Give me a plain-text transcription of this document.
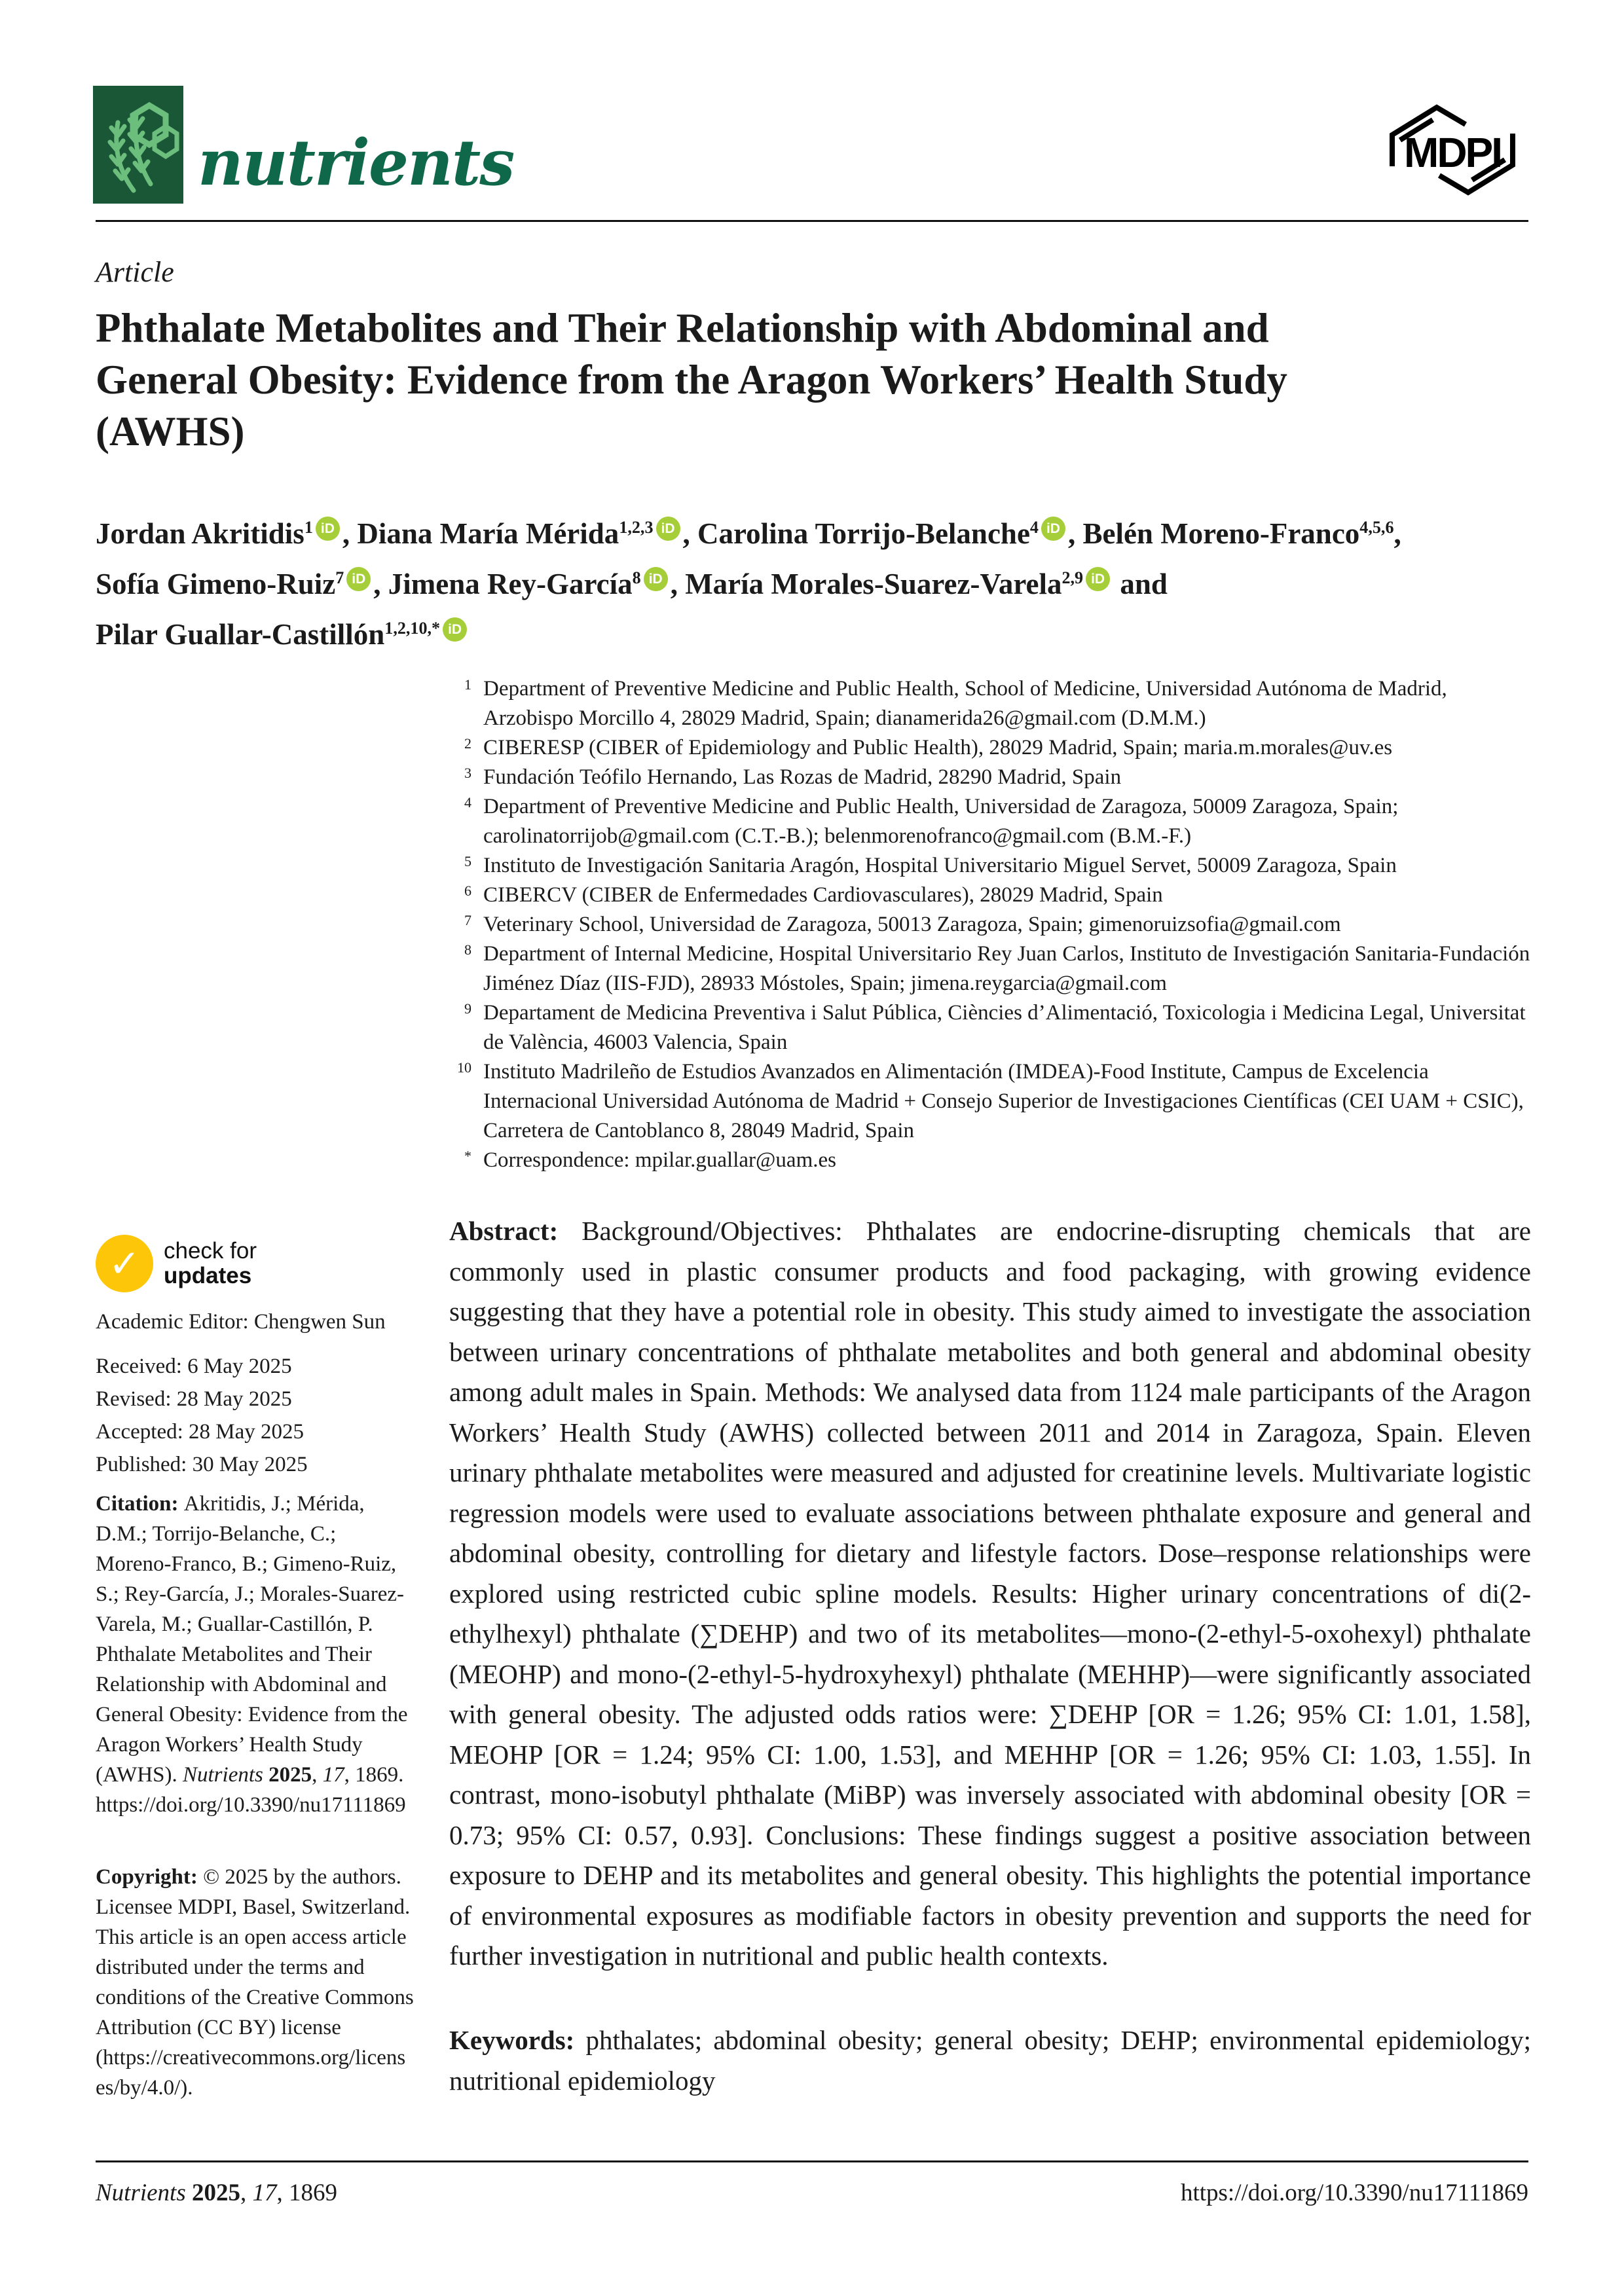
nutrients	MDPI
Article
Phthalate Metabolites and Their Relationship with Abdominal and General Obesity: Evidence from the Aragon Workers’ Health Study (AWHS)
Jordan Akritidis$^1$ iD , Diana María Mérida$^{1,2,3}$ iD , Carolina Torrijo-Belanche$^4$ iD , Belén Moreno-Franco$^{4,5,6}$,
Sofía Gimeno-Ruiz$^7$ iD , Jimena Rey-García$^8$ iD , María Morales-Suarez-Varela$^{2,9}$ iD and
Pilar Guallar-Castillón$^{1,2,10,*}$ iD
1 Department of Preventive Medicine and Public Health, School of Medicine, Universidad Autónoma de Madrid, Arzobispo Morcillo 4, 28029 Madrid, Spain; dianamerida26@gmail.com (D.M.M.)
2 CIBERESP (CIBER of Epidemiology and Public Health), 28029 Madrid, Spain; maria.m.morales@uv.es
3 Fundación Teófilo Hernando, Las Rozas de Madrid, 28290 Madrid, Spain
4 Department of Preventive Medicine and Public Health, Universidad de Zaragoza, 50009 Zaragoza, Spain; carolinatorrijob@gmail.com (C.T.-B.); belenmorenofranco@gmail.com (B.M.-F.)
5 Instituto de Investigación Sanitaria Aragón, Hospital Universitario Miguel Servet, 50009 Zaragoza, Spain
6 CIBERCV (CIBER de Enfermedades Cardiovasculares), 28029 Madrid, Spain
7 Veterinary School, Universidad de Zaragoza, 50013 Zaragoza, Spain; gimenoruizsofia@gmail.com
8 Department of Internal Medicine, Hospital Universitario Rey Juan Carlos, Instituto de Investigación Sanitaria-Fundación Jiménez Díaz (IIS-FJD), 28933 Móstoles, Spain; jimena.reygarcia@gmail.com
9 Departament de Medicina Preventiva i Salut Pública, Ciències d’Alimentació, Toxicologia i Medicina Legal, Universitat de València, 46003 Valencia, Spain
10 Instituto Madrileño de Estudios Avanzados en Alimentación (IMDEA)-Food Institute, Campus de Excelencia Internacional Universidad Autónoma de Madrid + Consejo Superior de Investigaciones Científicas (CEI UAM + CSIC), Carretera de Cantoblanco 8, 28049 Madrid, Spain
* Correspondence: mpilar.guallar@uam.es
✓	check for
updates
Academic Editor: Chengwen Sun
Received: 6 May 2025
Revised: 28 May 2025
Accepted: 28 May 2025
Published: 30 May 2025
Citation: Akritidis, J.; Mérida, D.M.; Torrijo-Belanche, C.; Moreno-Franco, B.; Gimeno-Ruiz, S.; Rey-García, J.; Morales-Suarez-Varela, M.; Guallar-Castillón, P. Phthalate Metabolites and Their Relationship with Abdominal and General Obesity: Evidence from the Aragon Workers’ Health Study (AWHS). Nutrients 2025, 17, 1869. https://doi.org/10.3390/nu17111869
Copyright: © 2025 by the authors. Licensee MDPI, Basel, Switzerland. This article is an open access article distributed under the terms and conditions of the Creative Commons Attribution (CC BY) license (https://creativecommons.org/licenses/by/4.0/).
Abstract: Background/Objectives: Phthalates are endocrine-disrupting chemicals that are commonly used in plastic consumer products and food packaging, with growing evidence suggesting that they have a potential role in obesity. This study aimed to investigate the association between urinary concentrations of phthalate metabolites and both general and abdominal obesity among adult males in Spain. Methods: We analysed data from 1124 male participants of the Aragon Workers’ Health Study (AWHS) collected between 2011 and 2014 in Zaragoza, Spain. Eleven urinary phthalate metabolites were measured and adjusted for creatinine levels. Multivariate logistic regression models were used to evaluate associations between phthalate exposure and general and abdominal obesity, controlling for dietary and lifestyle factors. Dose–response relationships were explored using restricted cubic spline models. Results: Higher urinary concentrations of di(2-ethylhexyl) phthalate (∑DEHP) and two of its metabolites—mono-(2-ethyl-5-oxohexyl) phthalate (MEOHP) and mono-(2-ethyl-5-hydroxyhexyl) phthalate (MEHHP)—were significantly associated with general obesity. The adjusted odds ratios were: ∑DEHP [OR = 1.26; 95% CI: 1.01, 1.58], MEOHP [OR = 1.24; 95% CI: 1.00, 1.53], and MEHHP [OR = 1.26; 95% CI: 1.03, 1.55]. In contrast, mono-isobutyl phthalate (MiBP) was inversely associated with abdominal obesity [OR = 0.73; 95% CI: 0.57, 0.93]. Conclusions: These findings suggest a positive association between exposure to DEHP and its metabolites and general obesity. This highlights the potential importance of environmental exposures as modifiable factors in obesity prevention and supports the need for further investigation in nutritional and public health contexts.
Keywords: phthalates; abdominal obesity; general obesity; DEHP; environmental epidemiology; nutritional epidemiology
Nutrients 2025, 17, 1869	https://doi.org/10.3390/nu17111869
